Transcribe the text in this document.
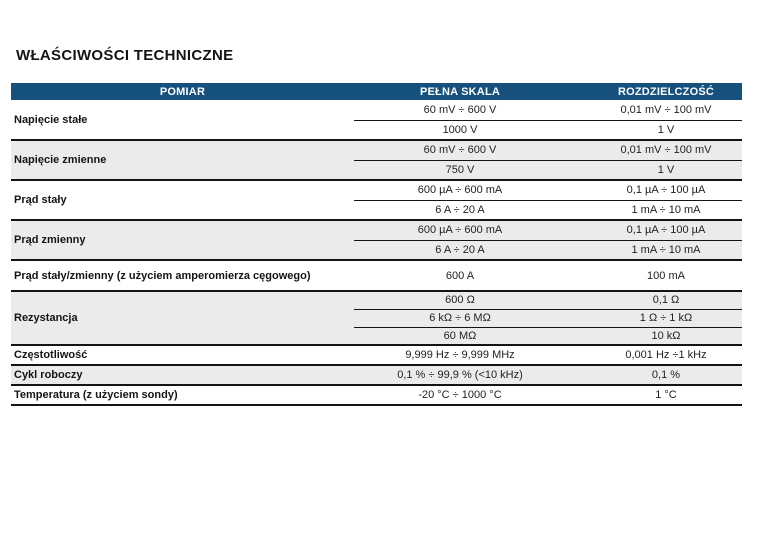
WŁAŚCIWOŚCI TECHNICZNE
POMIAR	PEŁNA SKALA	ROZDZIELCZOŚĆ
Napięcie stałe	60 mV ÷ 600 V	0,01 mV ÷ 100 mV
	1000 V	1 V
Napięcie zmienne	60 mV ÷ 600 V	0,01 mV ÷ 100 mV
	750 V	1 V
Prąd stały	600 µA ÷ 600 mA	0,1 µA ÷ 100 µA
	6 A ÷ 20 A	1 mA ÷ 10 mA
Prąd zmienny	600 µA ÷ 600 mA	0,1 µA ÷ 100 µA
	6 A ÷ 20 A	1 mA ÷ 10 mA
Prąd stały/zmienny (z użyciem amperomierza cęgowego)	600 A	100 mA
Rezystancja	600 Ω	0,1 Ω
	6 kΩ ÷ 6 MΩ	1 Ω ÷ 1 kΩ
	60 MΩ	10 kΩ
Częstotliwość	9,999 Hz ÷ 9,999 MHz	0,001 Hz ÷1 kHz
Cykl roboczy	0,1 % ÷ 99,9 % (<10 kHz)	0,1 %
Temperatura (z użyciem sondy)	-20 °C ÷ 1000 °C	1 °C
